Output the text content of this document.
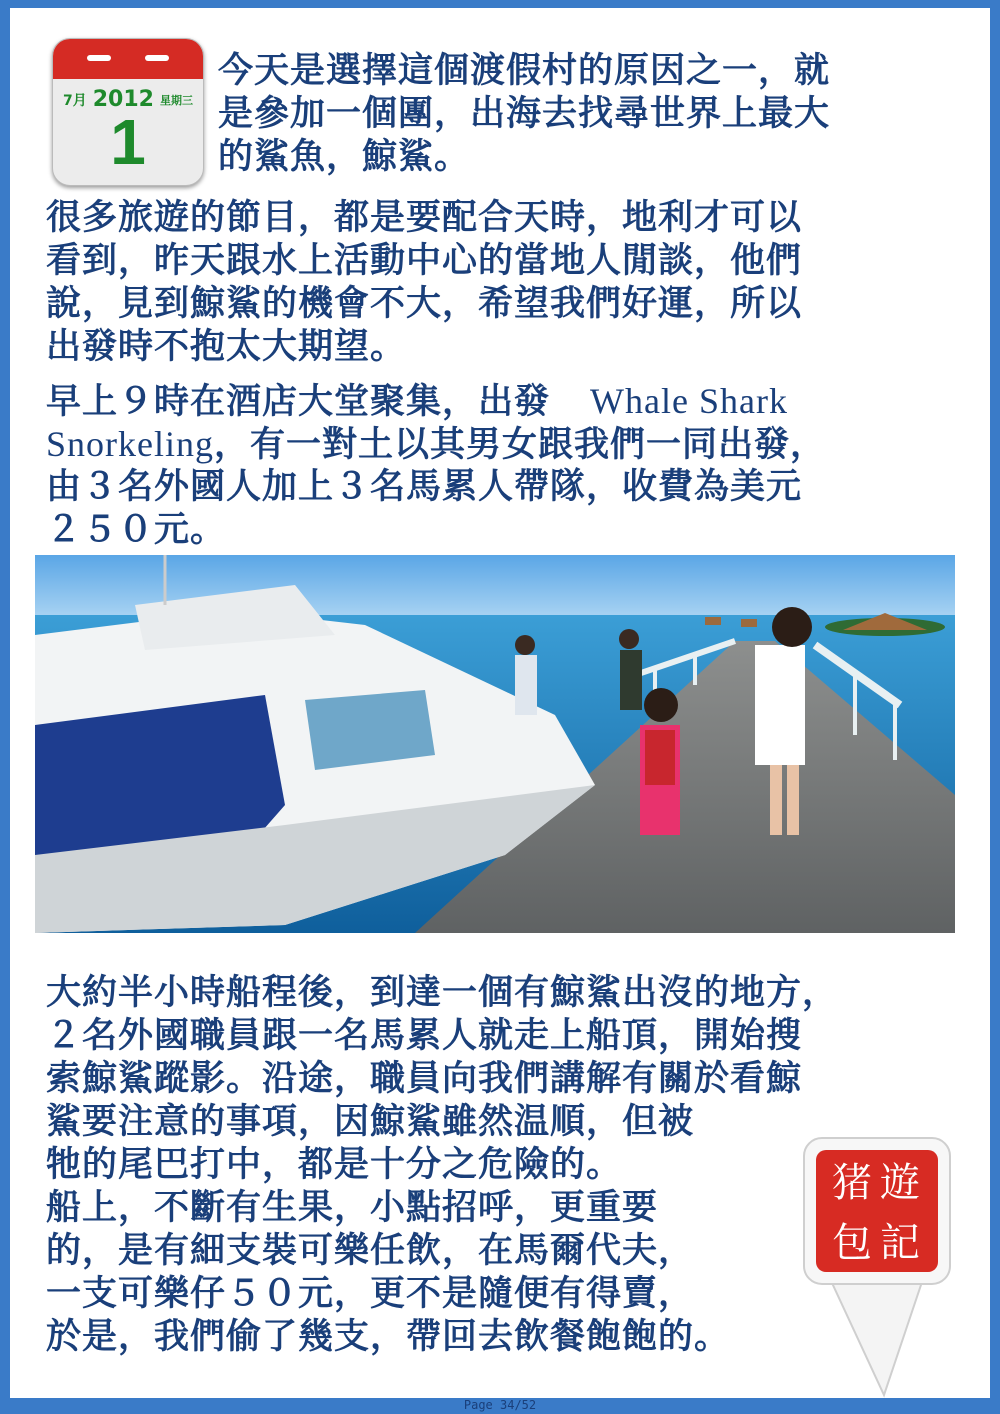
7月 2012 星期三
1
今天是選擇這個渡假村的原因之一，就
是參加一個團，出海去找尋世界上最大
的鯊魚，鯨鯊。
很多旅遊的節目，都是要配合天時，地利才可以
看到，昨天跟水上活動中心的當地人閒談，他們
說，見到鯨鯊的機會不大，希望我們好運，所以
出發時不抱太大期望。
早上９時在酒店大堂聚集，出發 Whale Shark
Snorkeling，有一對土以其男女跟我們一同出發，
由３名外國人加上３名馬累人帶隊，收費為美元
２５０元。
大約半小時船程後，到達一個有鯨鯊出沒的地方，
２名外國職員跟一名馬累人就走上船頂，開始搜
索鯨鯊蹤影。沿途，職員向我們講解有關於看鯨
鯊要注意的事項，因鯨鯊雖然温順，但被
牠的尾巴打中，都是十分之危險的。
船上，不斷有生果，小點招呼，更重要
的，是有細支裝可樂任飲，在馬爾代夫，
一支可樂仔５０元，更不是隨便有得賣，
於是，我們偷了幾支，帶回去飲餐飽飽的。
遊
記
猪
包
Page 34/52
